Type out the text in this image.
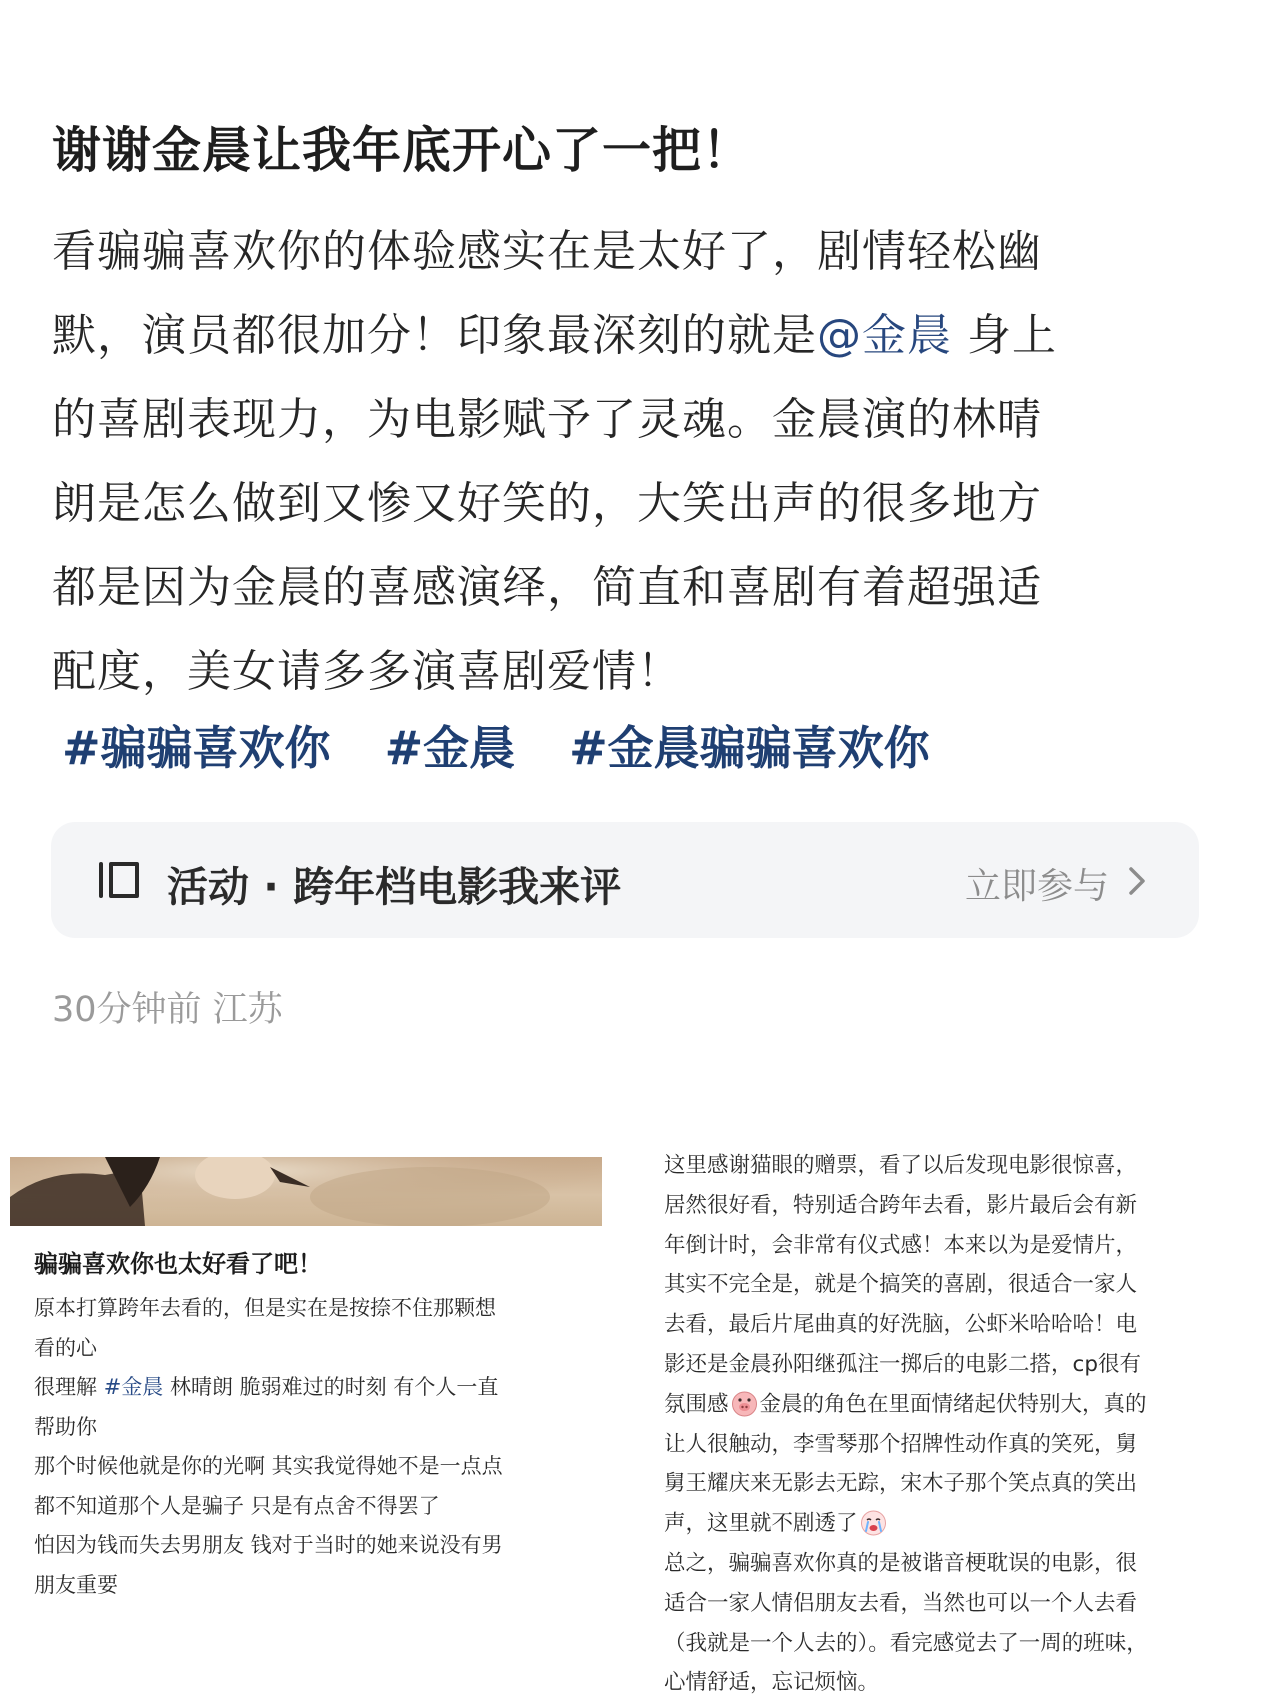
谢谢金晨让我年底开心了一把！
看骗骗喜欢你的体验感实在是太好了，剧情轻松幽
默，演员都很加分！印象最深刻的就是@金晨 身上
的喜剧表现力，为电影赋予了灵魂。金晨演的林晴
朗是怎么做到又惨又好笑的，大笑出声的很多地方
都是因为金晨的喜感演绎，简直和喜剧有着超强适
配度，美女请多多演喜剧爱情！
#骗骗喜欢你 #金晨 #金晨骗骗喜欢你
活动 · 跨年档电影我来评	立即参与
30分钟前 江苏
骗骗喜欢你也太好看了吧！
原本打算跨年去看的，但是实在是按捺不住那颗想
看的心
很理解 #金晨 林晴朗 脆弱难过的时刻 有个人一直
帮助你
那个时候他就是你的光啊 其实我觉得她不是一点点
都不知道那个人是骗子 只是有点舍不得罢了
怕因为钱而失去男朋友 钱对于当时的她来说没有男
朋友重要
这里感谢猫眼的赠票，看了以后发现电影很惊喜，
居然很好看，特别适合跨年去看，影片最后会有新
年倒计时，会非常有仪式感！本来以为是爱情片，
其实不完全是，就是个搞笑的喜剧，很适合一家人
去看，最后片尾曲真的好洗脑，公虾米哈哈哈！电
影还是金晨孙阳继孤注一掷后的电影二搭，cp很有
氛围感 金晨的角色在里面情绪起伏特别大，真的
让人很触动，李雪琴那个招牌性动作真的笑死，舅
舅王耀庆来无影去无踪，宋木子那个笑点真的笑出
声，这里就不剧透了
总之，骗骗喜欢你真的是被谐音梗耽误的电影，很
适合一家人情侣朋友去看，当然也可以一个人去看
（我就是一个人去的）。看完感觉去了一周的班味，
心情舒适，忘记烦恼。
